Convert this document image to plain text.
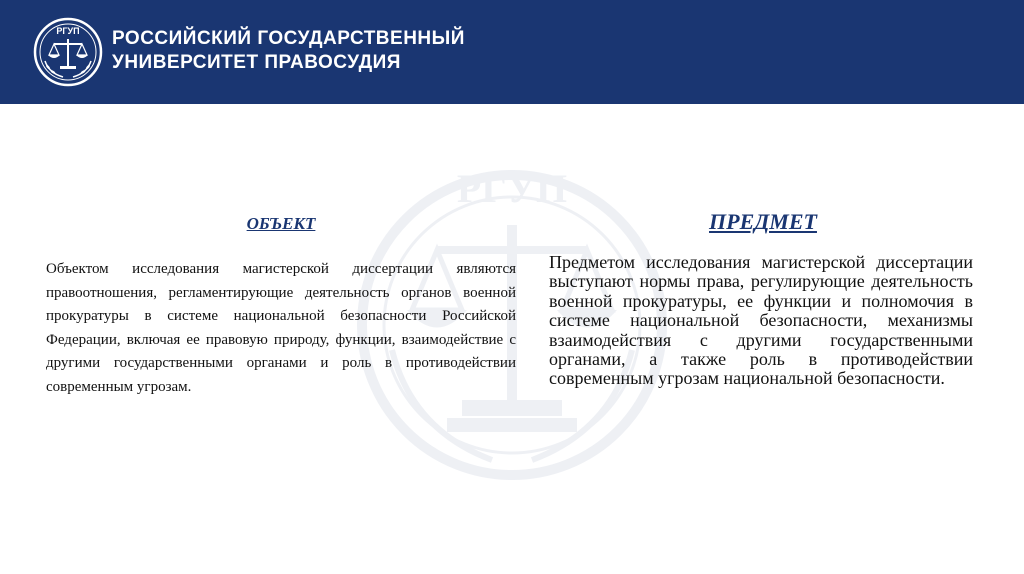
РГУП РОССИЙСКИЙ ГОСУДАРСТВЕННЫЙ
УНИВЕРСИТЕТ ПРАВОСУДИЯ
РГУП
ОБЪЕКТ
Объектом исследования магистерской диссертации являются правоотношения, регламентирующие деятельность органов военной прокуратуры в системе национальной безопасности Российской Федерации, включая ее правовую природу, функции, взаимодействие с другими государственными органами и роль в противодействии современным угрозам.
ПРЕДМЕТ
Предметом исследования магистерской диссертации выступают нормы права, регулирующие деятельность военной прокуратуры, ее функции и полномочия в системе национальной безопасности, механизмы взаимодействия с другими государственными органами, а также роль в противодействии современным угрозам национальной безопасности.
